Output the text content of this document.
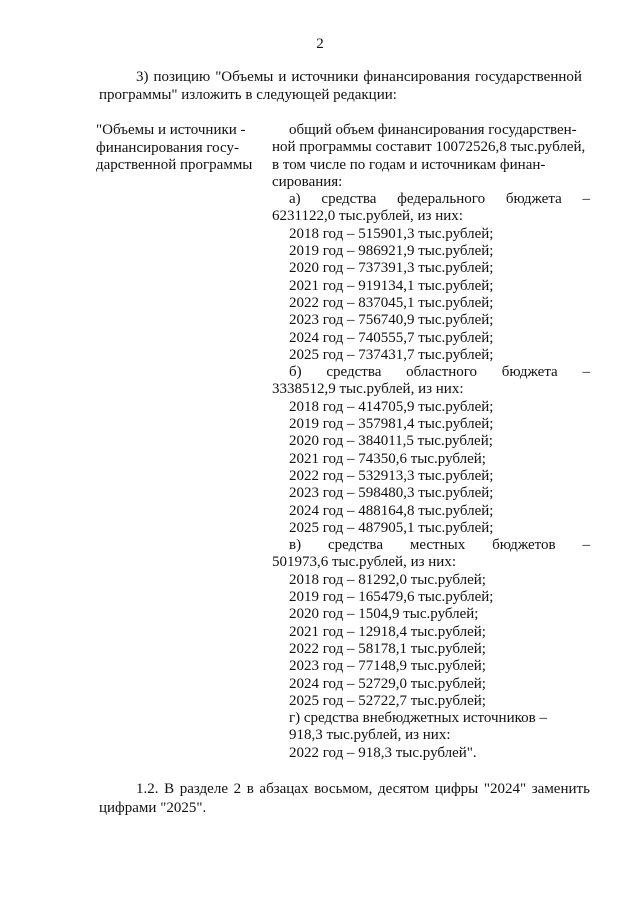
2
3) позицию "Объемы и источники финансирования государственной
программы" изложить в следующей редакции:
"Объемы и источники -
финансирования госу-
дарственной программы
общий объем финансирования государствен-
ной программы составит 10072526,8 тыс.рублей,
в том числе по годам и источникам финан-
сирования:
а) средства федерального бюджета –
6231122,0 тыс.рублей, из них:
2018 год – 515901,3 тыс.рублей;
2019 год – 986921,9 тыс.рублей;
2020 год – 737391,3 тыс.рублей;
2021 год – 919134,1 тыс.рублей;
2022 год – 837045,1 тыс.рублей;
2023 год – 756740,9 тыс.рублей;
2024 год – 740555,7 тыс.рублей;
2025 год – 737431,7 тыс.рублей;
б) средства областного бюджета –
3338512,9 тыс.рублей, из них:
2018 год – 414705,9 тыс.рублей;
2019 год – 357981,4 тыс.рублей;
2020 год – 384011,5 тыс.рублей;
2021 год – 74350,6 тыс.рублей;
2022 год – 532913,3 тыс.рублей;
2023 год – 598480,3 тыс.рублей;
2024 год – 488164,8 тыс.рублей;
2025 год – 487905,1 тыс.рублей;
в) средства местных бюджетов –
501973,6 тыс.рублей, из них:
2018 год – 81292,0 тыс.рублей;
2019 год – 165479,6 тыс.рублей;
2020 год – 1504,9 тыс.рублей;
2021 год – 12918,4 тыс.рублей;
2022 год – 58178,1 тыс.рублей;
2023 год – 77148,9 тыс.рублей;
2024 год – 52729,0 тыс.рублей;
2025 год – 52722,7 тыс.рублей;
г) средства внебюджетных источников –
918,3 тыс.рублей, из них:
2022 год – 918,3 тыс.рублей".
1.2. В разделе 2 в абзацах восьмом, десятом цифры "2024" заменить
цифрами "2025".
